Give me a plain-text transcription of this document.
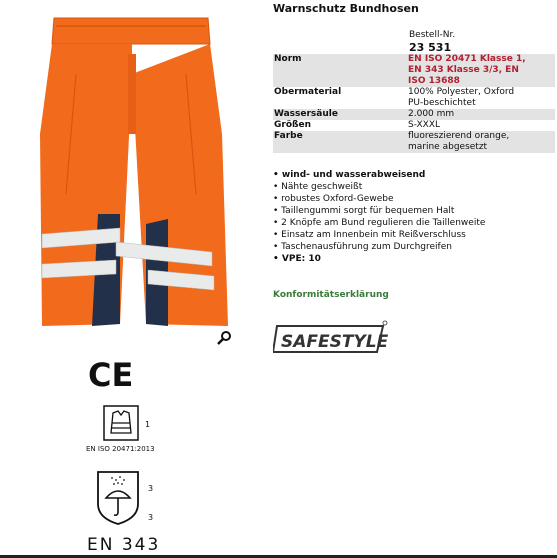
CE
1
EN ISO 20471:2013
3
3
EN 343
Warnschutz Bundhosen
Bestell-Nr.
23 531
Norm	EN ISO 20471 Klasse 1,
EN 343 Klasse 3/3, EN
ISO 13688

Obermaterial	100% Polyester, Oxford
PU-beschichtet

Wassersäule	2.000 mm

Größen	S-XXXL

Farbe	fluoreszierend orange,
marine abgesetzt
• wind- und wasserabweisend
• Nähte geschweißt
• robustes Oxford-Gewebe
• Taillengummi sorgt für bequemen Halt
• 2 Knöpfe am Bund regulieren die Taillenweite
• Einsatz am Innenbein mit Reißverschluss
• Taschenausführung zum Durchgreifen
• VPE: 10
Konformitätserklärung
SAFESTYLE
